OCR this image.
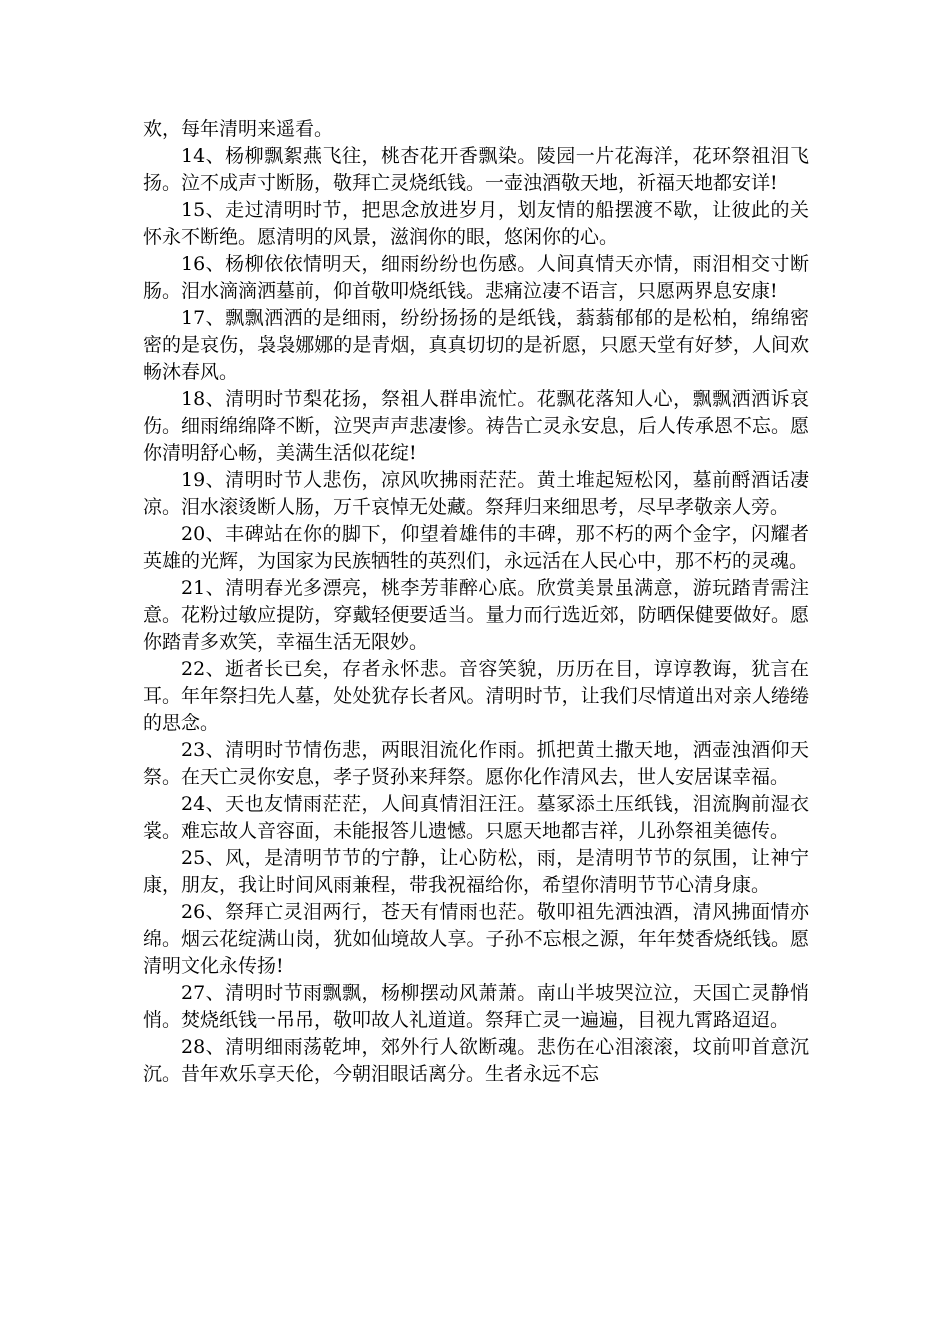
欢，每年清明来遥看。

14、杨柳飘絮燕飞往，桃杏花开香飘染。陵园一片花海洋，花环祭祖泪飞扬。泣不成声寸断肠，敬拜亡灵烧纸钱。一壶浊酒敬天地，祈福天地都安详!

15、走过清明时节，把思念放进岁月，划友情的船摆渡不歇，让彼此的关怀永不断绝。愿清明的风景，滋润你的眼，悠闲你的心。

16、杨柳依依情明天，细雨纷纷也伤感。人间真情天亦情，雨泪相交寸断肠。泪水滴滴洒墓前，仰首敬叩烧纸钱。悲痛泣凄不语言，只愿两界息安康!

17、飘飘洒洒的是细雨，纷纷扬扬的是纸钱，蓊蓊郁郁的是松柏，绵绵密密的是哀伤，袅袅娜娜的是青烟，真真切切的是祈愿，只愿天堂有好梦，人间欢畅沐春风。

18、清明时节梨花扬，祭祖人群串流忙。花飘花落知人心，飘飘洒洒诉哀伤。细雨绵绵降不断，泣哭声声悲凄惨。祷告亡灵永安息，后人传承恩不忘。愿你清明舒心畅，美满生活似花绽!

19、清明时节人悲伤，凉风吹拂雨茫茫。黄土堆起短松冈，墓前酹酒话凄凉。泪水滚烫断人肠，万千哀悼无处藏。祭拜归来细思考，尽早孝敬亲人旁。

20、丰碑站在你的脚下，仰望着雄伟的丰碑，那不朽的两个金字，闪耀者英雄的光辉，为国家为民族牺牲的英烈们，永远活在人民心中，那不朽的灵魂。

21、清明春光多漂亮，桃李芳菲醉心底。欣赏美景虽满意，游玩踏青需注意。花粉过敏应提防，穿戴轻便要适当。量力而行选近郊，防晒保健要做好。愿你踏青多欢笑，幸福生活无限妙。

22、逝者长已矣，存者永怀悲。音容笑貌，历历在目，谆谆教诲，犹言在耳。年年祭扫先人墓，处处犹存长者风。清明时节，让我们尽情道出对亲人绻绻的思念。

23、清明时节情伤悲，两眼泪流化作雨。抓把黄土撒天地，洒壶浊酒仰天祭。在天亡灵你安息，孝子贤孙来拜祭。愿你化作清风去，世人安居谋幸福。

24、天也友情雨茫茫，人间真情泪汪汪。墓冢添土压纸钱，泪流胸前湿衣裳。难忘故人音容面，未能报答儿遗憾。只愿天地都吉祥，儿孙祭祖美德传。

25、风，是清明节节的宁静，让心防松，雨，是清明节节的氛围，让神宁康，朋友，我让时间风雨兼程，带我祝福给你，希望你清明节节心清身康。

26、祭拜亡灵泪两行，苍天有情雨也茫。敬叩祖先洒浊酒，清风拂面情亦绵。烟云花绽满山岗，犹如仙境故人享。子孙不忘根之源，年年焚香烧纸钱。愿清明文化永传扬!

27、清明时节雨飘飘，杨柳摆动风萧萧。南山半坡哭泣泣，天国亡灵静悄悄。焚烧纸钱一吊吊，敬叩故人礼道道。祭拜亡灵一遍遍，目视九霄路迢迢。

28、清明细雨荡乾坤，郊外行人欲断魂。悲伤在心泪滚滚，坟前叩首意沉沉。昔年欢乐享天伦，今朝泪眼话离分。生者永远不忘
